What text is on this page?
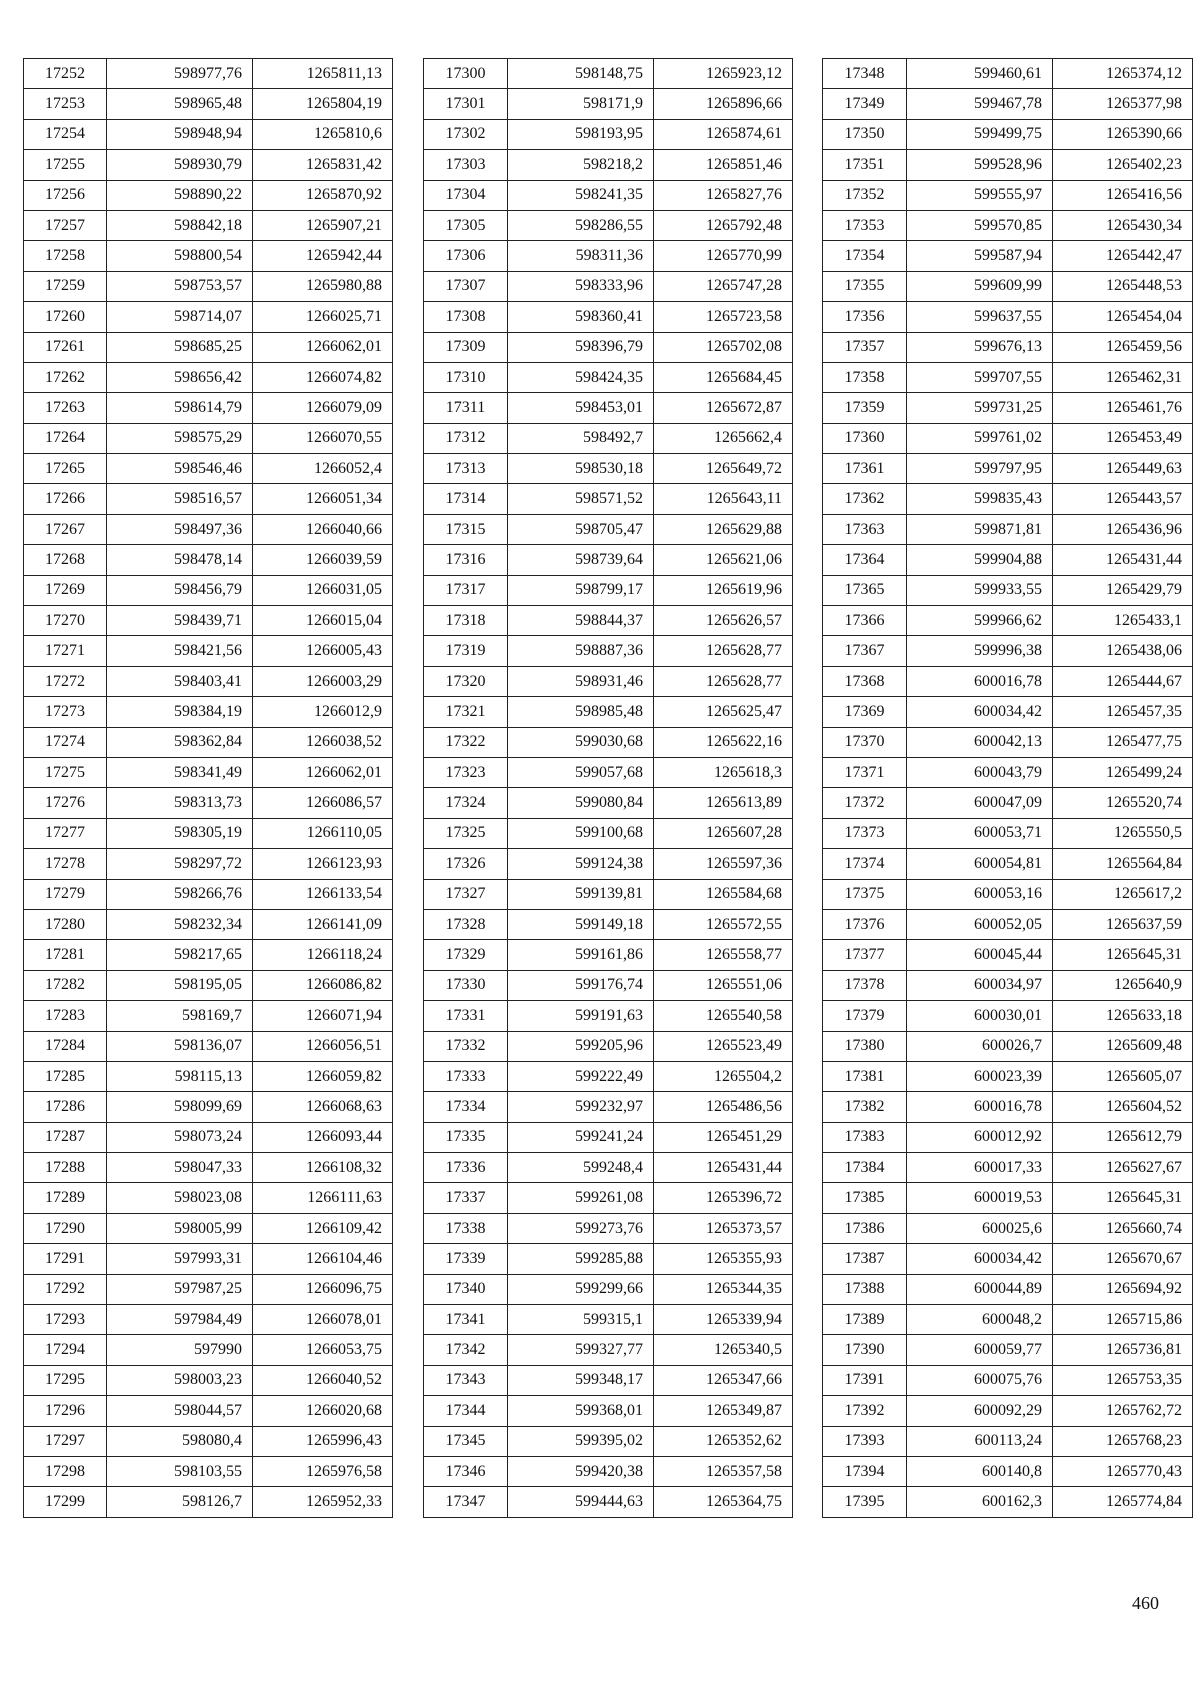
17252	598977,76	1265811,13
17253	598965,48	1265804,19
17254	598948,94	1265810,6
17255	598930,79	1265831,42
17256	598890,22	1265870,92
17257	598842,18	1265907,21
17258	598800,54	1265942,44
17259	598753,57	1265980,88
17260	598714,07	1266025,71
17261	598685,25	1266062,01
17262	598656,42	1266074,82
17263	598614,79	1266079,09
17264	598575,29	1266070,55
17265	598546,46	1266052,4
17266	598516,57	1266051,34
17267	598497,36	1266040,66
17268	598478,14	1266039,59
17269	598456,79	1266031,05
17270	598439,71	1266015,04
17271	598421,56	1266005,43
17272	598403,41	1266003,29
17273	598384,19	1266012,9
17274	598362,84	1266038,52
17275	598341,49	1266062,01
17276	598313,73	1266086,57
17277	598305,19	1266110,05
17278	598297,72	1266123,93
17279	598266,76	1266133,54
17280	598232,34	1266141,09
17281	598217,65	1266118,24
17282	598195,05	1266086,82
17283	598169,7	1266071,94
17284	598136,07	1266056,51
17285	598115,13	1266059,82
17286	598099,69	1266068,63
17287	598073,24	1266093,44
17288	598047,33	1266108,32
17289	598023,08	1266111,63
17290	598005,99	1266109,42
17291	597993,31	1266104,46
17292	597987,25	1266096,75
17293	597984,49	1266078,01
17294	597990	1266053,75
17295	598003,23	1266040,52
17296	598044,57	1266020,68
17297	598080,4	1265996,43
17298	598103,55	1265976,58
17299	598126,7	1265952,33
17300	598148,75	1265923,12
17301	598171,9	1265896,66
17302	598193,95	1265874,61
17303	598218,2	1265851,46
17304	598241,35	1265827,76
17305	598286,55	1265792,48
17306	598311,36	1265770,99
17307	598333,96	1265747,28
17308	598360,41	1265723,58
17309	598396,79	1265702,08
17310	598424,35	1265684,45
17311	598453,01	1265672,87
17312	598492,7	1265662,4
17313	598530,18	1265649,72
17314	598571,52	1265643,11
17315	598705,47	1265629,88
17316	598739,64	1265621,06
17317	598799,17	1265619,96
17318	598844,37	1265626,57
17319	598887,36	1265628,77
17320	598931,46	1265628,77
17321	598985,48	1265625,47
17322	599030,68	1265622,16
17323	599057,68	1265618,3
17324	599080,84	1265613,89
17325	599100,68	1265607,28
17326	599124,38	1265597,36
17327	599139,81	1265584,68
17328	599149,18	1265572,55
17329	599161,86	1265558,77
17330	599176,74	1265551,06
17331	599191,63	1265540,58
17332	599205,96	1265523,49
17333	599222,49	1265504,2
17334	599232,97	1265486,56
17335	599241,24	1265451,29
17336	599248,4	1265431,44
17337	599261,08	1265396,72
17338	599273,76	1265373,57
17339	599285,88	1265355,93
17340	599299,66	1265344,35
17341	599315,1	1265339,94
17342	599327,77	1265340,5
17343	599348,17	1265347,66
17344	599368,01	1265349,87
17345	599395,02	1265352,62
17346	599420,38	1265357,58
17347	599444,63	1265364,75
17348	599460,61	1265374,12
17349	599467,78	1265377,98
17350	599499,75	1265390,66
17351	599528,96	1265402,23
17352	599555,97	1265416,56
17353	599570,85	1265430,34
17354	599587,94	1265442,47
17355	599609,99	1265448,53
17356	599637,55	1265454,04
17357	599676,13	1265459,56
17358	599707,55	1265462,31
17359	599731,25	1265461,76
17360	599761,02	1265453,49
17361	599797,95	1265449,63
17362	599835,43	1265443,57
17363	599871,81	1265436,96
17364	599904,88	1265431,44
17365	599933,55	1265429,79
17366	599966,62	1265433,1
17367	599996,38	1265438,06
17368	600016,78	1265444,67
17369	600034,42	1265457,35
17370	600042,13	1265477,75
17371	600043,79	1265499,24
17372	600047,09	1265520,74
17373	600053,71	1265550,5
17374	600054,81	1265564,84
17375	600053,16	1265617,2
17376	600052,05	1265637,59
17377	600045,44	1265645,31
17378	600034,97	1265640,9
17379	600030,01	1265633,18
17380	600026,7	1265609,48
17381	600023,39	1265605,07
17382	600016,78	1265604,52
17383	600012,92	1265612,79
17384	600017,33	1265627,67
17385	600019,53	1265645,31
17386	600025,6	1265660,74
17387	600034,42	1265670,67
17388	600044,89	1265694,92
17389	600048,2	1265715,86
17390	600059,77	1265736,81
17391	600075,76	1265753,35
17392	600092,29	1265762,72
17393	600113,24	1265768,23
17394	600140,8	1265770,43
17395	600162,3	1265774,84
460
